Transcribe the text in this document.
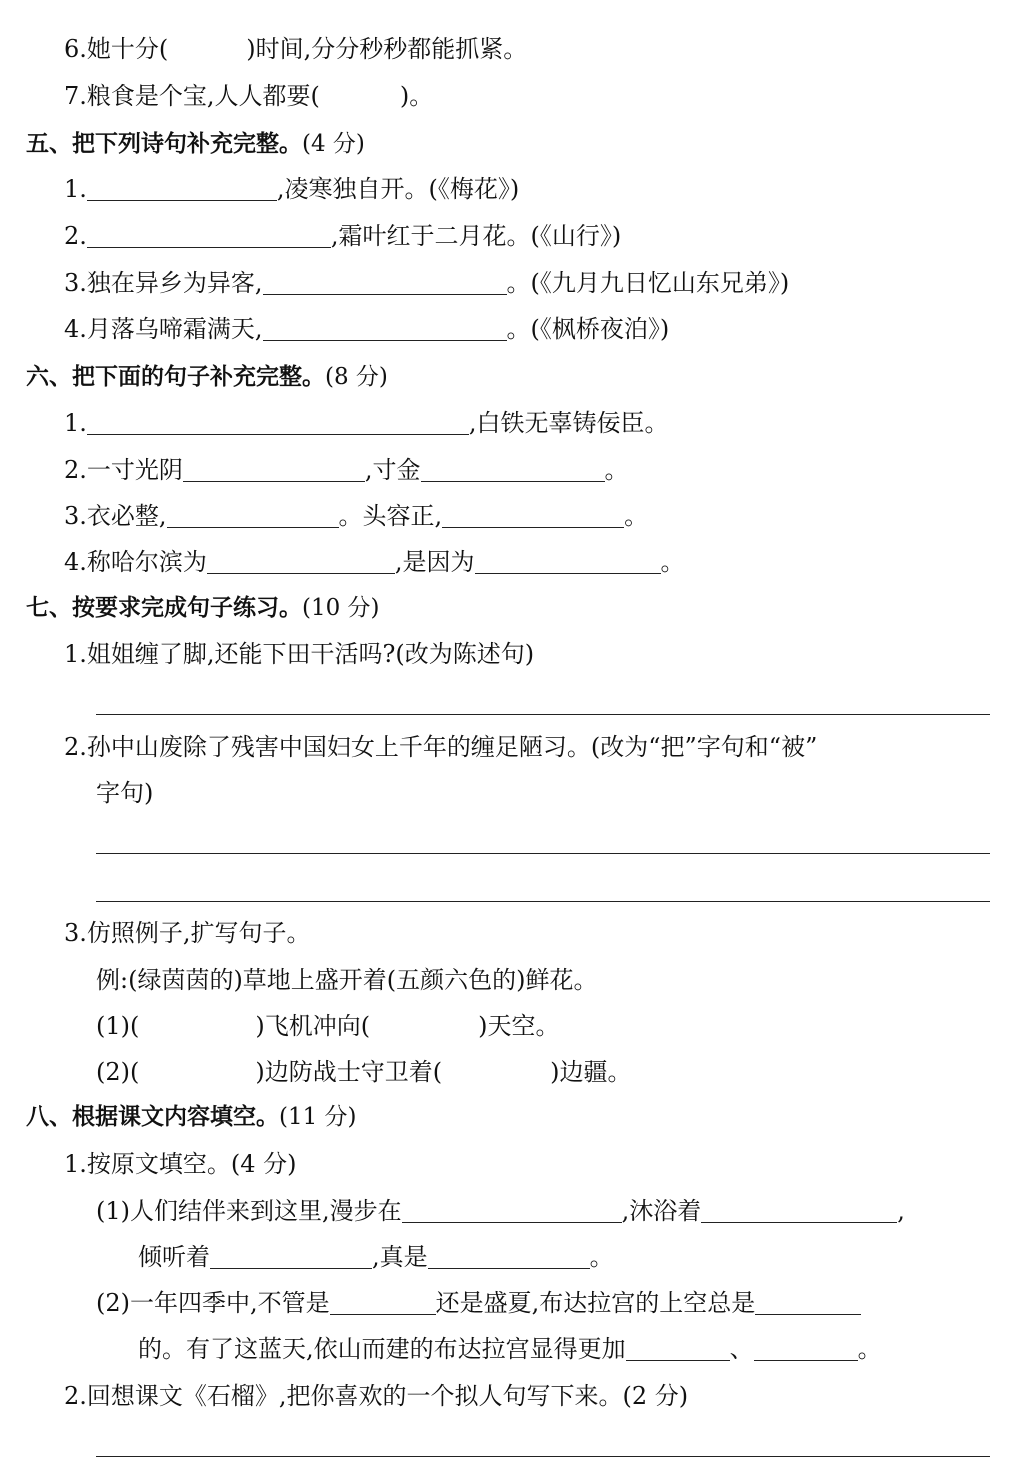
6.她十分(	)时间,分分秒秒都能抓紧。
7.粮食是个宝,人人都要(	)。
五、把下列诗句补充完整。(4 分)
1.	,凌寒独自开。(《梅花》)
2.	,霜叶红于二月花。(《山行》)
3.独在异乡为异客,	。(《九月九日忆山东兄弟》)
4.月落乌啼霜满天,	。(《枫桥夜泊》)
六、把下面的句子补充完整。(8 分)
1.	,白铁无辜铸佞臣。
2.一寸光阴	,寸金	。
3.衣必整,	。头容正,	。
4.称哈尔滨为	,是因为	。
七、按要求完成句子练习。(10 分)
1.姐姐缠了脚,还能下田干活吗?(改为陈述句)
2.孙中山废除了残害中国妇女上千年的缠足陋习。(改为“把”字句和“被”
字句)
3.仿照例子,扩写句子。
例:(绿茵茵的)草地上盛开着(五颜六色的)鲜花。
(1)(	)飞机冲向(	)天空。
(2)(	)边防战士守卫着(	)边疆。
八、根据课文内容填空。(11 分)
1.按原文填空。(4 分)
(1)人们结伴来到这里,漫步在	,沐浴着	,
倾听着	,真是	。
(2)一年四季中,不管是	还是盛夏,布达拉宫的上空总是
的。有了这蓝天,依山而建的布达拉宫显得更加	、	。
2.回想课文《石榴》,把你喜欢的一个拟人句写下来。(2 分)
